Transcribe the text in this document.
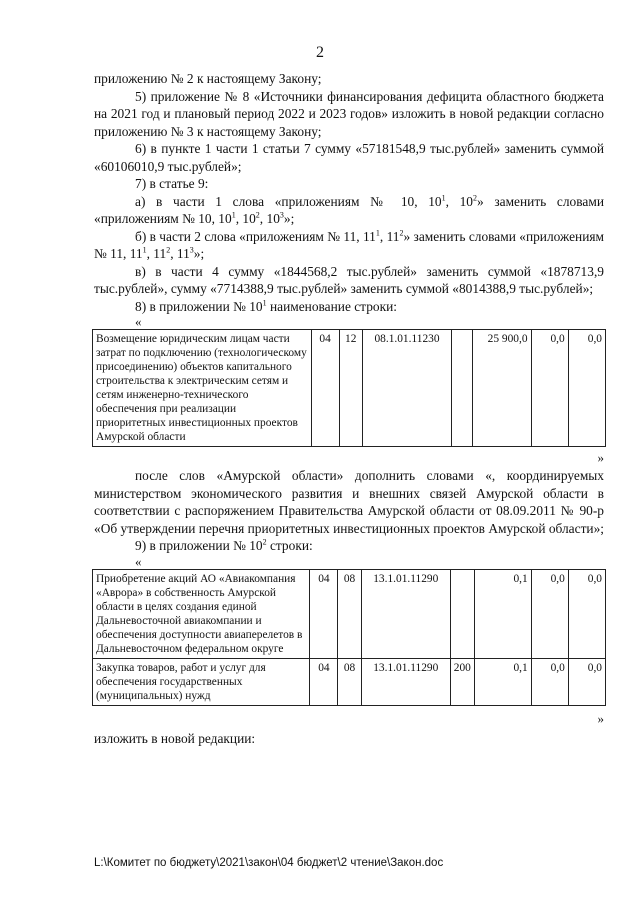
2

приложению № 2 к настоящему Закону;

5) приложение № 8 «Источники финансирования дефицита областного бюджета на 2021 год и плановый период 2022 и 2023 годов» изложить в новой редакции согласно приложению № 3 к настоящему Закону;

6) в пункте 1 части 1 статьи 7 сумму «57181548,9 тыс.рублей» заменить суммой «60106010,9 тыс.рублей»;

7) в статье 9:

а) в части 1 слова «приложениям № 10, $10^1$, $10^2$» заменить словами «приложениям № 10, $10^1$, $10^2$, $10^3$»;

б) в части 2 слова «приложениям № 11, $11^1$, $11^2$» заменить словами «приложениям № 11, $11^1$, $11^2$, $11^3$»;

в) в части 4 сумму «1844568,2 тыс.рублей» заменить суммой «1878713,9 тыс.рублей», сумму «7714388,9 тыс.рублей» заменить суммой «8014388,9 тыс.рублей»;

8) в приложении № $10^1$ наименование строки:

«

Возмещение юридическим лицам части затрат по подключению (технологическому присоединению) объектов капитального строительства к электрическим сетям и сетям инженерно-технического обеспечения при реализации приоритетных инвестиционных проектов Амурской области	04	12	08.1.01.11230		25 900,0	0,0	0,0

»

после слов «Амурской области» дополнить словами «, координируемых министерством экономического развития и внешних связей Амурской области в соответствии с распоряжением Правительства Амурской области от 08.09.2011 № 90-р «Об утверждении перечня приоритетных инвестиционных проектов Амурской области»;

9) в приложении № $10^2$ строки:

«

Приобретение акций АО «Авиакомпания «Аврора» в собственность Амурской области в целях создания единой Дальневосточной авиакомпании и обеспечения доступности авиаперелетов в Дальневосточном федеральном округе	04	08	13.1.01.11290		0,1	0,0	0,0
Закупка товаров, работ и услуг для обеспечения государственных (муниципальных) нужд	04	08	13.1.01.11290	200	0,1	0,0	0,0

»

изложить в новой редакции:

L:\Комитет по бюджету\2021\закон\04 бюджет\2 чтение\Закон.doc
